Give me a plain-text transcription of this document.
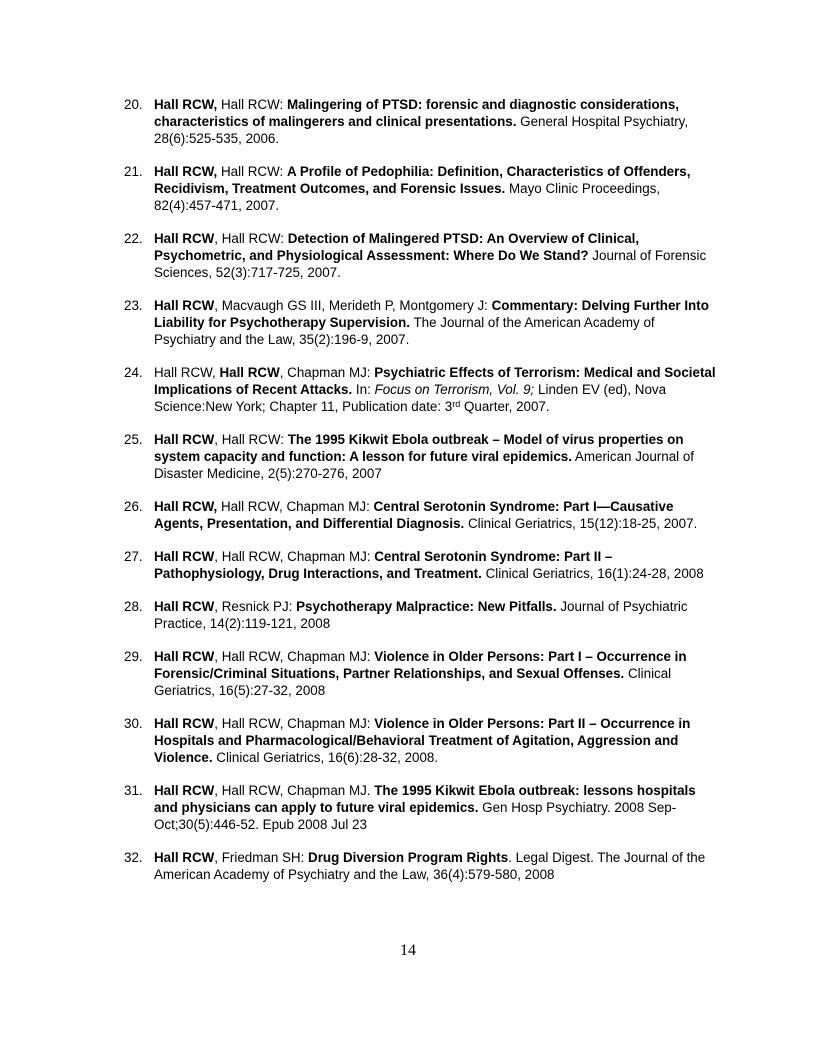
20. Hall RCW, Hall RCW: Malingering of PTSD: forensic and diagnostic considerations, characteristics of malingerers and clinical presentations. General Hospital Psychiatry, 28(6):525-535, 2006.
21. Hall RCW, Hall RCW: A Profile of Pedophilia: Definition, Characteristics of Offenders, Recidivism, Treatment Outcomes, and Forensic Issues. Mayo Clinic Proceedings, 82(4):457-471, 2007.
22. Hall RCW, Hall RCW: Detection of Malingered PTSD: An Overview of Clinical, Psychometric, and Physiological Assessment: Where Do We Stand? Journal of Forensic Sciences, 52(3):717-725, 2007.
23. Hall RCW, Macvaugh GS III, Merideth P, Montgomery J: Commentary: Delving Further Into Liability for Psychotherapy Supervision. The Journal of the American Academy of Psychiatry and the Law, 35(2):196-9, 2007.
24. Hall RCW, Hall RCW, Chapman MJ: Psychiatric Effects of Terrorism: Medical and Societal Implications of Recent Attacks. In: Focus on Terrorism, Vol. 9; Linden EV (ed), Nova Science:New York; Chapter 11, Publication date: 3rd Quarter, 2007.
25. Hall RCW, Hall RCW: The 1995 Kikwit Ebola outbreak – Model of virus properties on system capacity and function: A lesson for future viral epidemics. American Journal of Disaster Medicine, 2(5):270-276, 2007
26. Hall RCW, Hall RCW, Chapman MJ: Central Serotonin Syndrome: Part I—Causative Agents, Presentation, and Differential Diagnosis. Clinical Geriatrics, 15(12):18-25, 2007.
27. Hall RCW, Hall RCW, Chapman MJ: Central Serotonin Syndrome: Part II – Pathophysiology, Drug Interactions, and Treatment. Clinical Geriatrics, 16(1):24-28, 2008
28. Hall RCW, Resnick PJ: Psychotherapy Malpractice: New Pitfalls. Journal of Psychiatric Practice, 14(2):119-121, 2008
29. Hall RCW, Hall RCW, Chapman MJ: Violence in Older Persons: Part I – Occurrence in Forensic/Criminal Situations, Partner Relationships, and Sexual Offenses. Clinical Geriatrics, 16(5):27-32, 2008
30. Hall RCW, Hall RCW, Chapman MJ: Violence in Older Persons: Part II – Occurrence in Hospitals and Pharmacological/Behavioral Treatment of Agitation, Aggression and Violence. Clinical Geriatrics, 16(6):28-32, 2008.
31. Hall RCW, Hall RCW, Chapman MJ. The 1995 Kikwit Ebola outbreak: lessons hospitals and physicians can apply to future viral epidemics. Gen Hosp Psychiatry. 2008 Sep-Oct;30(5):446-52. Epub 2008 Jul 23
32. Hall RCW, Friedman SH: Drug Diversion Program Rights. Legal Digest. The Journal of the American Academy of Psychiatry and the Law, 36(4):579-580, 2008
14
